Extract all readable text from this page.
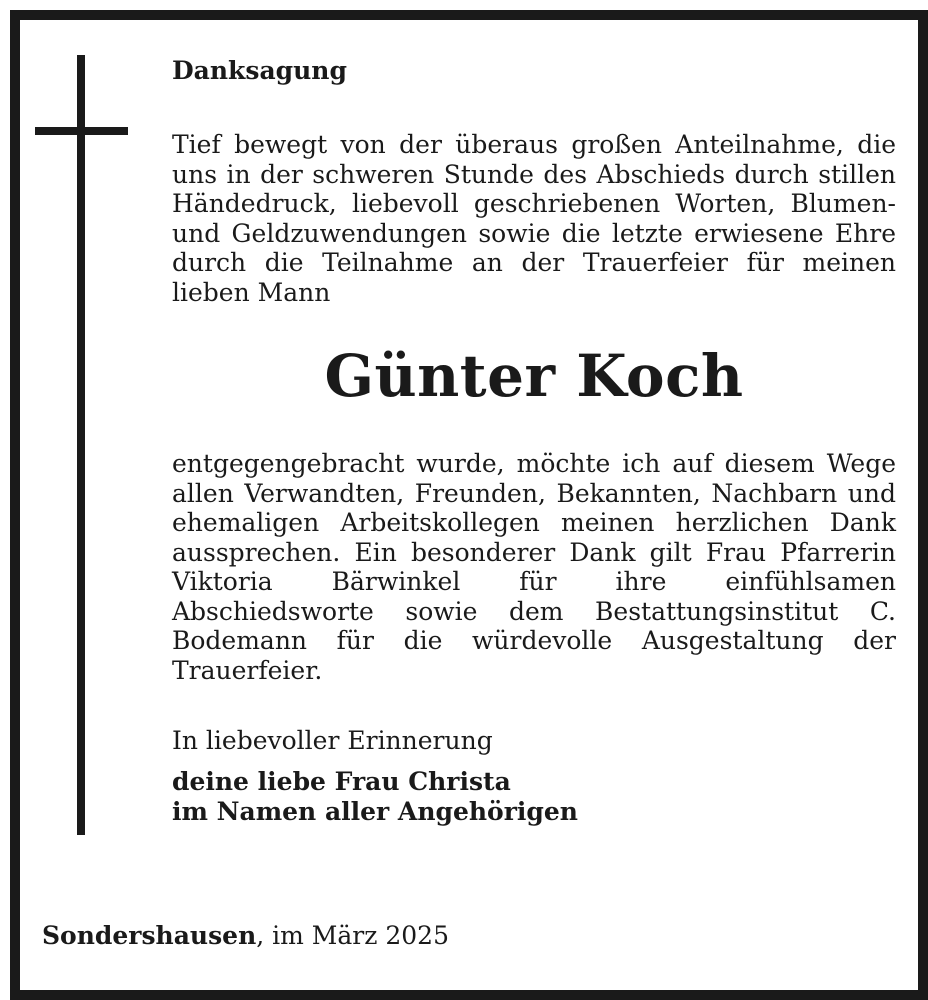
Danksagung

Tief bewegt von der überaus großen Anteilnahme, die uns in der schweren Stunde des Abschieds durch stillen Händedruck, liebevoll geschriebenen Worten, Blumen- und Geldzuwendungen sowie die letzte erwiesene Ehre durch die Teilnahme an der Trauerfeier für meinen lieben Mann

Günter Koch

entgegengebracht wurde, möchte ich auf diesem Wege allen Verwandten, Freunden, Bekannten, Nachbarn und ehemaligen Arbeitskollegen meinen herzlichen Dank aussprechen. Ein besonderer Dank gilt Frau Pfarrerin Viktoria Bärwinkel für ihre einfühlsamen Abschiedsworte sowie dem Bestattungsinstitut C. Bodemann für die würdevolle Ausgestaltung der Trauerfeier.

In liebevoller Erinnerung

deine liebe Frau Christa

im Namen aller Angehörigen

Sondershausen, im März 2025
